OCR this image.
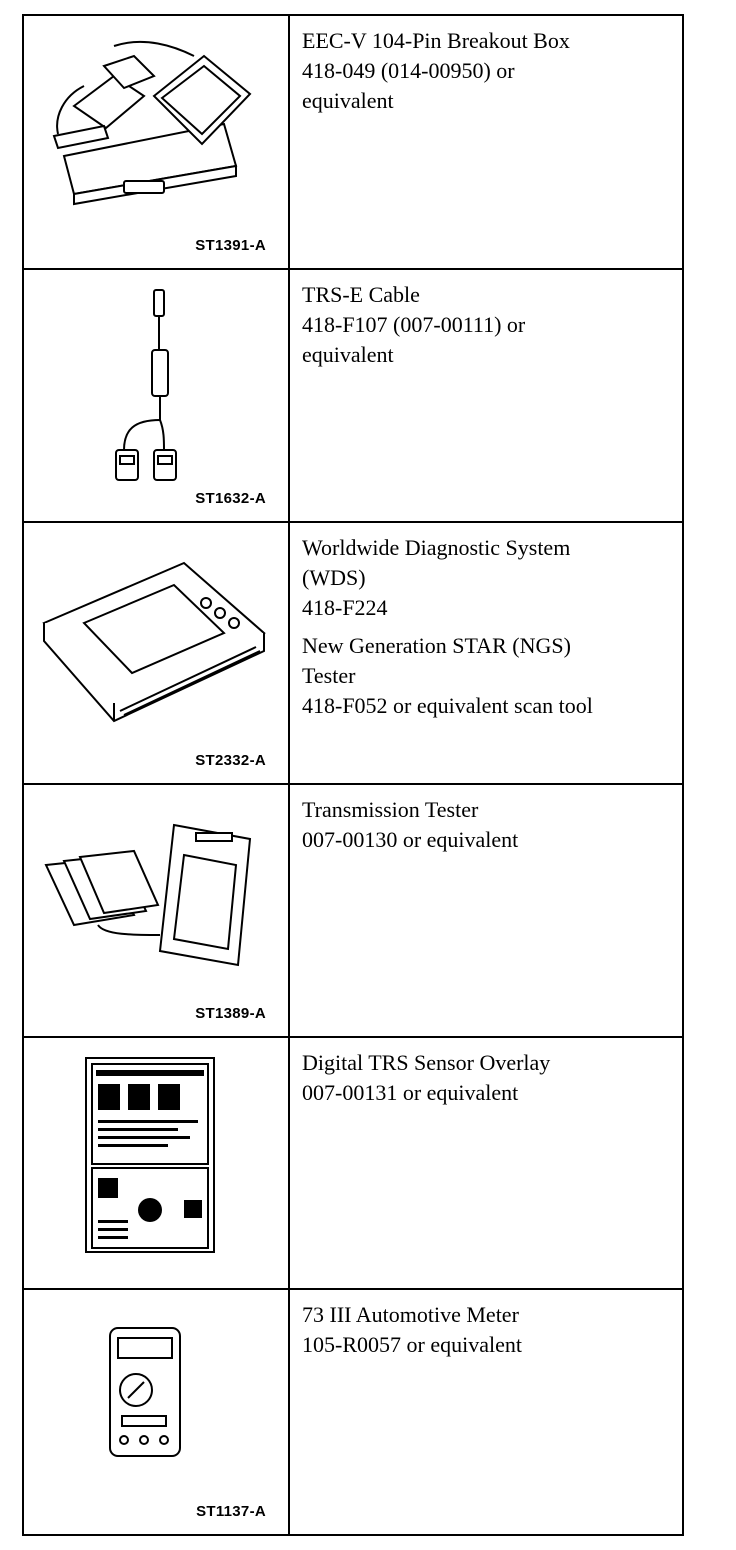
ST1391-A
EEC-V 104-Pin Breakout Box
418-049 (014-00950) or
equivalent
ST1632-A
TRS-E Cable
418-F107 (007-00111) or
equivalent
ST2332-A
Worldwide Diagnostic System
(WDS)
418-F224
New Generation STAR (NGS)
Tester
418-F052 or equivalent scan tool
ST1389-A
Transmission Tester
007-00130 or equivalent
Digital TRS Sensor Overlay
007-00131 or equivalent
ST1137-A
73 III Automotive Meter
105-R0057 or equivalent
